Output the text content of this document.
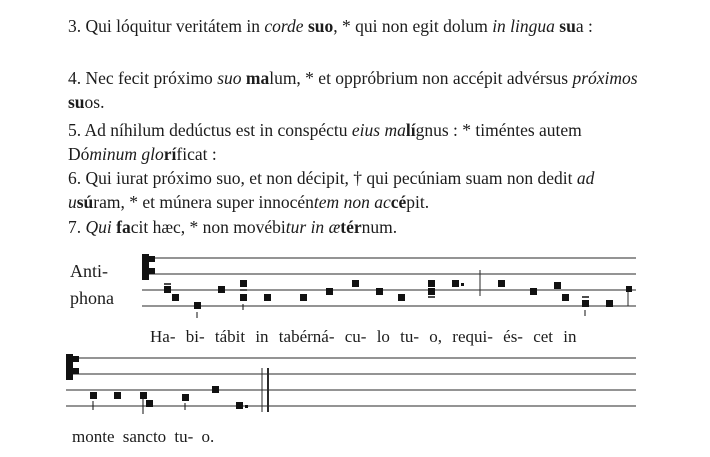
3. Qui lóquitur veritátem in corde suo, * qui non egit dolum in lingua sua :
4. Nec fecit próximo suo malum, * et oppróbrium non accépit advérsus próximos suos.
5. Ad níhilum dedúctus est in conspéctu eius malígnus : * timéntes autem Dóminum gloríficat :
6. Qui iurat próximo suo, et non décipit, † qui pecúniam suam non dedit ad usúram, * et múnera super innocéntem non accépit.
7. Qui facit hæc, * non movébitur in ætérnum.
Anti-
phona
Ha- bi- tábit in tabérná- cu- lo tu- o, requi- és- cet in
monte sancto tu- o.
